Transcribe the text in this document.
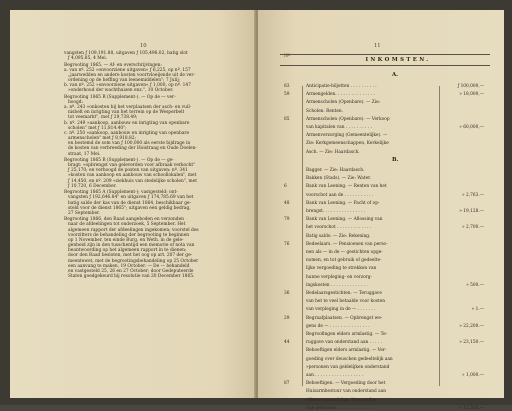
10

vangsten ƒ 109,191.88, uitgaven ƒ 105,496.02, batig slot

ƒ 4,095.85, 4 Mei.

Begrooting 1865. — Af- en overschrijvingen:

a. van nº. 252 »onvoorziene uitgaven« ƒ 6,225, op nº. 157

„jaarwedden en andere kosten voortvloeijende uit de ver-

ordening op de heffing van leenemiddelen"; 7 Julij;

b. van nº. 252 »onvoorziene uitgaven« ƒ 1,000, op nº. 147

»onderhoud der wachthuizen enz.", 10 October.

Begrooting 1865 B (Supplement-). — Op de — ver-

hoogd:

a. nº. 243 »onkosten bij het verplaatsen der asch- en vuil-

nisbelt en inrigting van het terrein op de Wesperbelt

tot veemarkt", met ƒ 29,738.49;

b. nº. 249 »aankoop, aanbouw en inrigting van openbare

scholen" met ƒ 11,814.40";

c. nº. 250 »aankoop, aanbouw en inrigting van openbare

armenscholen" met ƒ 8,918.82;

en bestemd de som van ƒ 100,000 als eerste bijdrage in

de kosten van verbreeding der Hoistraag en Oude Doelen-

straat, 17 Mei.

Begrooting 1865 B (Supplement-). — Op de — ge-

bragt: »opbrengst van geleverden voor afbraak verkocht"

ƒ 25,170; en verhoogd de posten van uitgaven: nº. 341

»kosten van aankoop en aanbouw van schoollokalen", met

ƒ 14,450, en nº. 209 »ziekhuis van stedelijke scholen", met

ƒ 10,720, 6 December.

Begrooting 1865 A (Supplement-); vastgesteld: ont-

vangsten ƒ 192,646.84" en uitgaven ƒ 174,785.69 van het

batig saldo der kas van de dienst 1864, beschikbaar ge-

steld voor de dienst 1865"; uitgaven een geldig bedrag,

27 September.

Begrooting 1866, den Raad aangeboden en verzonden

naar de afdeelingen tot onderzoek, 5 September. Het

algemeen rapport der afdeelingen ingekomen; voorstel des

voorzitters de behandeling der begrooting te beginnen

op 1 November, ten einde Burg. en Weth. in de gele-

genheid zijn in den tusschentijd een memorie of nota van

beantwoording op het algemeen rapport in te dienen;

door den Raad besloten, met het oog op art. 207 der ge-

meentewet, met de begrootingsbehandeling op 25 October

een aanvang te maken, 19 October. — De — behandeld

en vastgesteld 25, 26 en 27 October; door Gedeputeerde

Staten goedgekeurd bij resolutie van 20 December 1865.

11
Nº
INKOMSTEN.
A.
83	Anticipatie-biljetten . . . . . . . . . .	ƒ 100,000,—
59	Armengelden. . . . . . . . . . . . . . .	» 18,000,—
Armenscholen (Openbare). — Zie:
Scholen. Renten.
85	Armenscholen (Openbare). — Verkoop
van kapitalen van . . . . . . . . . .	» 60,000,—
Armenverzorging (Gemeentelijke). —
Zie: Kerkgemeenschappen, Kerkelijke
Asch. — Zie: Haardasch.
B.
Bagger. — Zie: Haardasch.
Bakken (Stads). — Zie: Water.
6	Bank van Leening. — Renten van het
voorschot aan de . . . . . . . . . . .	» 2,763.—
48	Bank van Leening. — Pacht of op-
brengst. . . . . . . . . . . . . . . .	» 19,128.—
79	Bank van Leening. — Aflossing van
het voorschot . . . . . . . . . . . . .	» 2,700.—
Batig saldo. — Zie: Rekening.
76	Bedeelaars. — Pensioenen van perso-
nen als — in de — gestichten opge-
nomen, en tot gebruik of gedeelte-
lijke vergoeding te strekken van
hunne verpleging- en verzorg-
ingskosten . . . . . . . . . . . . . .	» 500.—
36	Bedelaarsgestichten. — Teruggave
van het te veel betaalde voor kosten
van verpleging in de — . . . . . . .	» 1.—
29	Begraafplaatsen. — Opbrengst we-
gens de — . . . . . . . . . . . . . . .	» 22,200.—
Begroofingen elders armlastig. — Te-
44	ruggave van onderstand aan . . . . .	» 23,150.—
Behoeftigen elders armlastig. — Ver-
goeding over deuschen gedeeltelijk aan
»personen van geldelijken onderstand
aan . . . . . . . . . . . . . . . . . .	» 1,000.—
87	Behoeftigen. — Vergoeding door het
Huisarmbestuur van onderstand aan
elders woonachtige, hier armlas-
tige personen . . . . . . . . . . . . .	» 11,500.—
